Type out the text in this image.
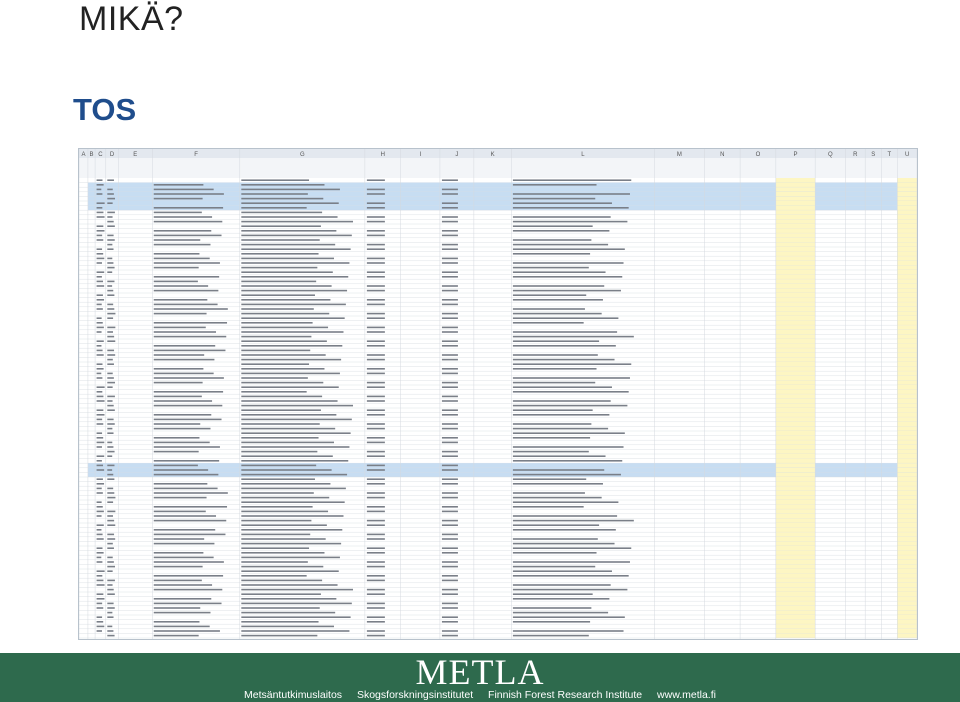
MIKÄ?
TOS
A B C D	E	F	G	H	I	J	K	L	M	N	O	P	Q	R S T U
METLA
Metsäntutkimuslaitos Skogsforskningsinstitutet Finnish Forest Research Institute www.metla.fi
